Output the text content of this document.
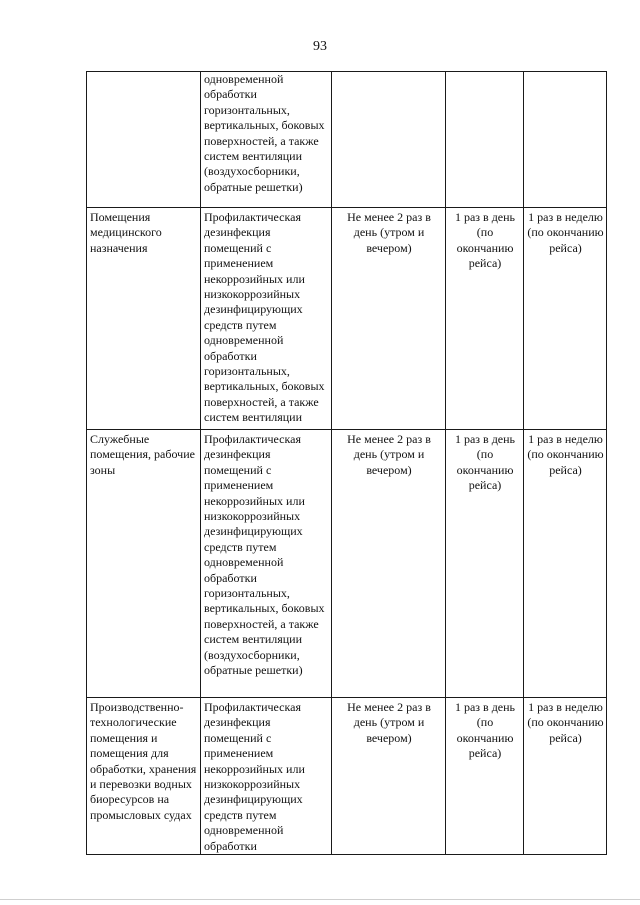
93

	одновременной обработки горизонтальных, вертикальных, боковых поверхностей, а также систем вентиляции (воздухосборники, обратные решетки)			

Помещения медицинского назначения	Профилактическая дезинфекция помещений с применением некоррозийных или низкокоррозийных дезинфицирующих средств путем одновременной обработки горизонтальных, вертикальных, боковых поверхностей, а также систем вентиляции	Не менее 2 раз в день (утром и вечером)	1 раз в день (по окончанию рейса)	1 раз в неделю (по окончанию рейса)

Служебные помещения, рабочие зоны	Профилактическая дезинфекция помещений с применением некоррозийных или низкокоррозийных дезинфицирующих средств путем одновременной обработки горизонтальных, вертикальных, боковых поверхностей, а также систем вентиляции (воздухосборники, обратные решетки)	Не менее 2 раз в день (утром и вечером)	1 раз в день (по окончанию рейса)	1 раз в неделю (по окончанию рейса)

Производственно-технологические помещения и помещения для обработки, хранения и перевозки водных биоресурсов на промысловых судах	Профилактическая дезинфекция помещений с применением некоррозийных или низкокоррозийных дезинфицирующих средств путем одновременной обработки	Не менее 2 раз в день (утром и вечером)	1 раз в день (по окончанию рейса)	1 раз в неделю (по окончанию рейса)
